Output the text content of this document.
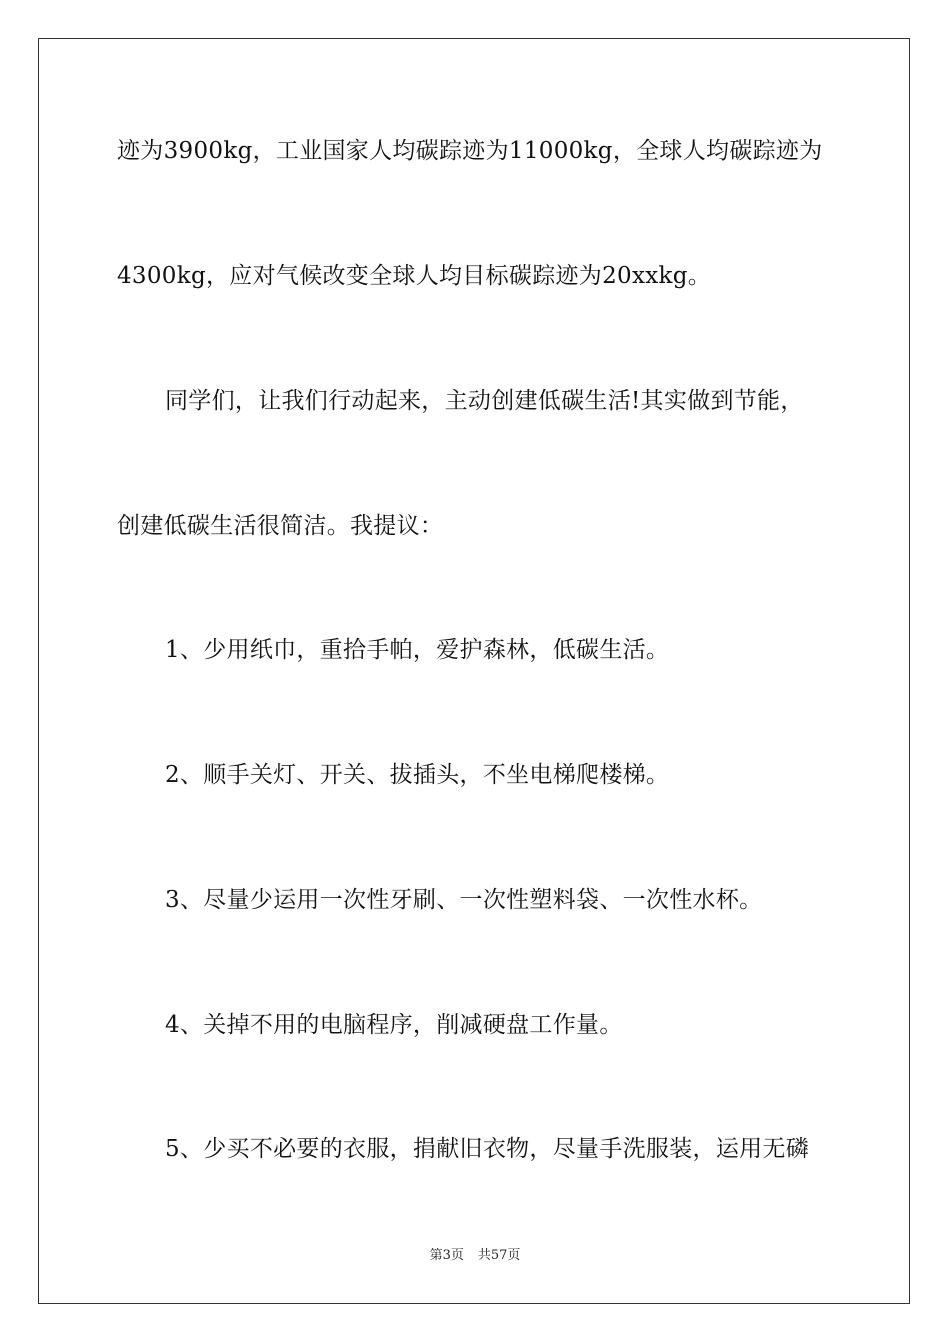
迹为3900kg，工业国家人均碳踪迹为11000kg，全球人均碳踪迹为
4300kg，应对气候改变全球人均目标碳踪迹为20xxkg。
同学们，让我们行动起来，主动创建低碳生活!其实做到节能，
创建低碳生活很简洁。我提议：
1、少用纸巾，重拾手帕，爱护森林，低碳生活。
2、顺手关灯、开关、拔插头，不坐电梯爬楼梯。
3、尽量少运用一次性牙刷、一次性塑料袋、一次性水杯。
4、关掉不用的电脑程序，削减硬盘工作量。
5、少买不必要的衣服，捐献旧衣物，尽量手洗服装，运用无磷
第3页 共57页
